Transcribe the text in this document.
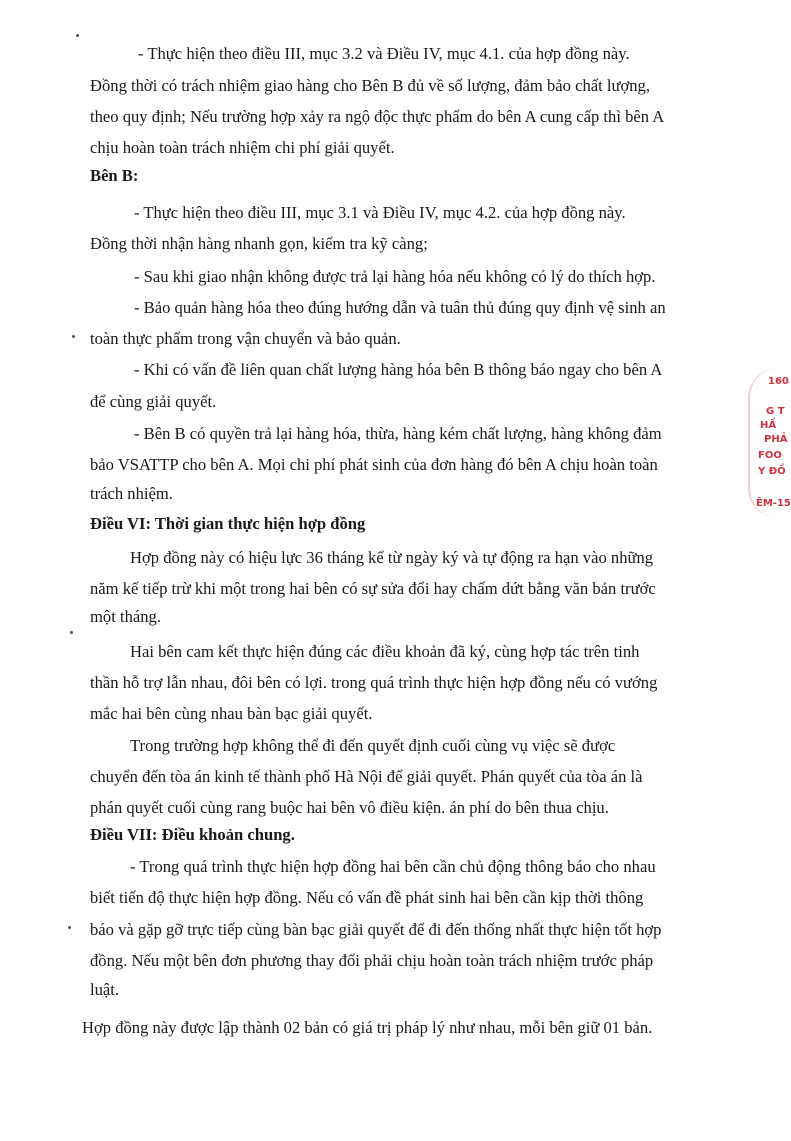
- Thực hiện theo điều III, mục 3.2 và Điều IV, mục 4.1. của hợp đồng này.

Đồng thời có trách nhiệm giao hàng cho Bên B đủ về số lượng, đảm bảo chất lượng,

theo quy định; Nếu trường hợp xảy ra ngộ độc thực phẩm do bên A cung cấp thì bên A

chịu hoàn toàn trách nhiệm chi phí giải quyết.

Bên B:

- Thực hiện theo điều III, mục 3.1 và Điều IV, mục 4.2. của hợp đồng này.

Đồng thời nhận hàng nhanh gọn, kiểm tra kỹ càng;

- Sau khi giao nhận không được trả lại hàng hóa nếu không có lý do thích hợp.

- Bảo quản hàng hóa theo đúng hướng dẫn và tuân thủ đúng quy định vệ sinh an

toàn thực phẩm trong vận chuyển và bảo quản.

- Khi có vấn đề liên quan chất lượng hàng hóa bên B thông báo ngay cho bên A

để cùng giải quyết.

- Bên B có quyền trả lại hàng hóa, thừa, hàng kém chất lượng, hàng không đảm

bảo VSATTP cho bên A. Mọi chi phí phát sinh của đơn hàng đó bên A chịu hoàn toàn

trách nhiệm.

Điều VI: Thời gian thực hiện hợp đồng

Hợp đồng này có hiệu lực 36 tháng kể từ ngày ký và tự động ra hạn vào những

năm kế tiếp trừ khi một trong hai bên có sự sửa đổi hay chấm dứt bằng văn bản trước

một tháng.

Hai bên cam kết thực hiện đúng các điều khoản đã ký, cùng hợp tác trên tinh

thần hỗ trợ lẫn nhau, đôi bên có lợi. trong quá trình thực hiện hợp đồng nếu có vướng

mắc hai bên cùng nhau bàn bạc giải quyết.

Trong trường hợp không thể đi đến quyết định cuối cùng vụ việc sẽ được

chuyển đến tòa án kinh tế thành phố Hà Nội để giải quyết. Phán quyết của tòa án là

phán quyết cuối cùng rang buộc hai bên vô điều kiện. án phí do bên thua chịu.

Điều VII: Điều khoản chung.

- Trong quá trình thực hiện hợp đồng hai bên cần chủ động thông báo cho nhau

biết tiến độ thực hiện hợp đồng. Nếu có vấn đề phát sinh hai bên cần kịp thời thông

báo và gặp gỡ trực tiếp cùng bàn bạc giải quyết để đi đến thống nhất thực hiện tốt hợp

đồng. Nếu một bên đơn phương thay đổi phải chịu hoàn toàn trách nhiệm trước pháp

luật.

Hợp đồng này được lập thành 02 bản có giá trị pháp lý như nhau, mỗi bên giữ 01 bản.

160

G T

HẤ

PHẢ

FOO

Y ĐỒ

ÊM-15
